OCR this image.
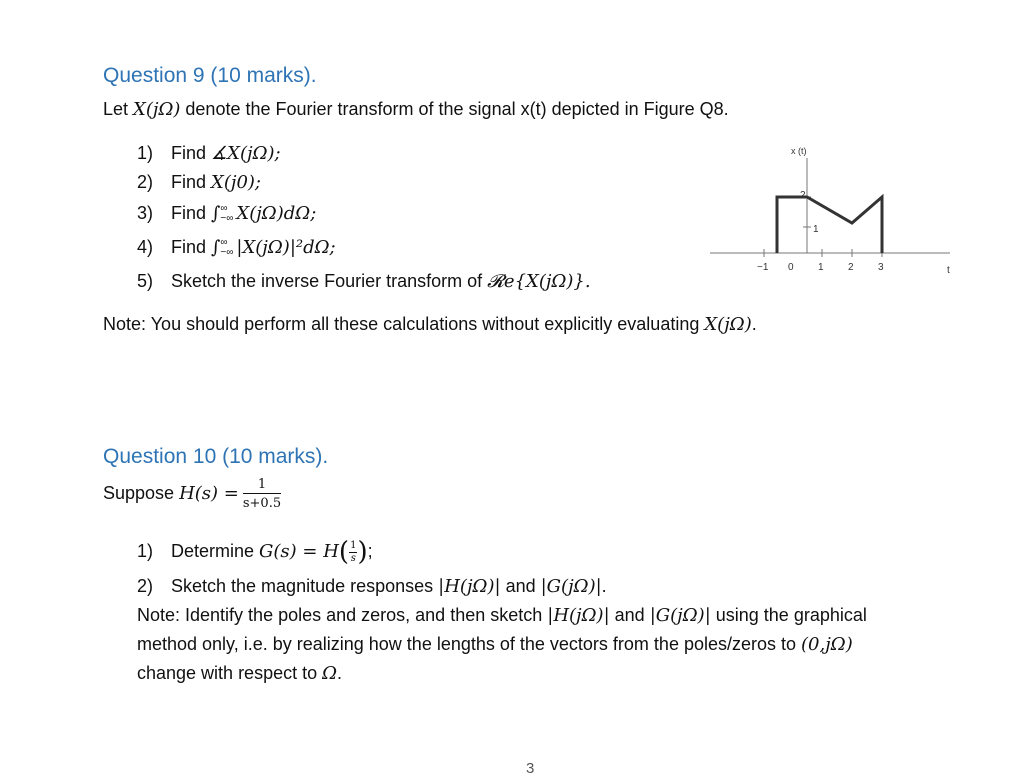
Question 9 (10 marks).
Let X(jΩ) denote the Fourier transform of the signal x(t) depicted in Figure Q8.
1) Find ∡X(jΩ);
2) Find X(j0);
3) Find ∫ ∞
−∞ X(jΩ)dΩ;
4) Find ∫ ∞
−∞ |X(jΩ)|²dΩ;
5) Sketch the inverse Fourier transform of 𝓡e{X(jΩ)}.
Note: You should perform all these calculations without explicitly evaluating X(jΩ).
x (t)
t
2
1
−1 0 1 2 3
Question 10 (10 marks).
Suppose $H(s) = \frac{1}{s+0.5}$
1) Determine $G(s) = H( \frac{1}{s}$ );
2) Sketch the magnitude responses |H(jΩ)| and |G(jΩ)|.
Note: Identify the poles and zeros, and then sketch |H(jΩ)| and |G(jΩ)| using the graphical
method only, i.e. by realizing how the lengths of the vectors from the poles/zeros to (0,jΩ)
change with respect to Ω.
3
